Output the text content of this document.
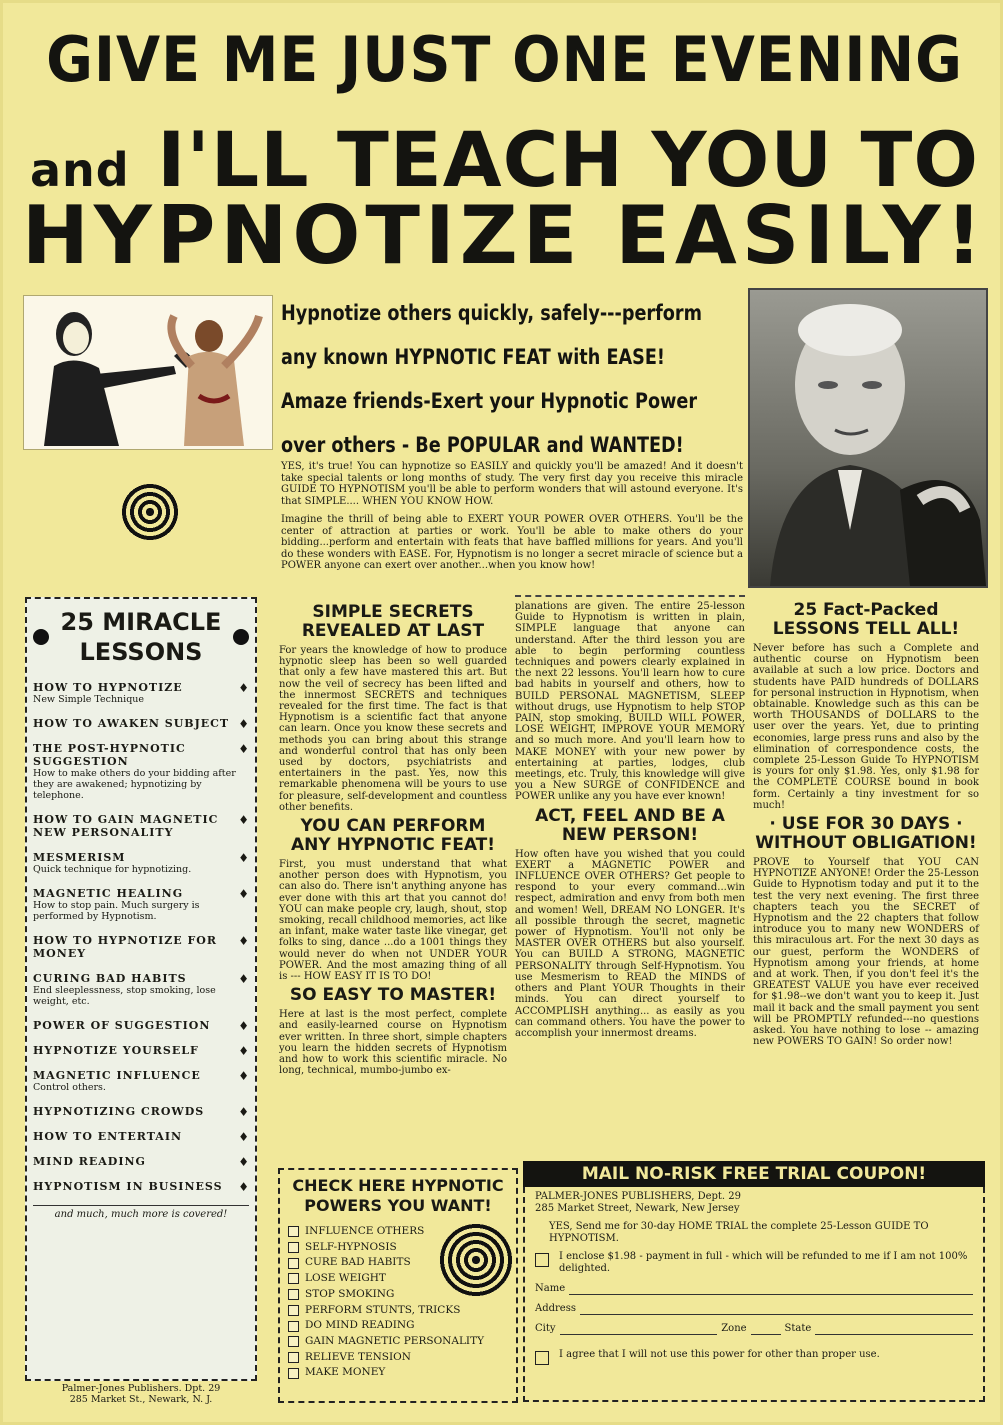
GIVE ME JUST ONE EVENING
and I'LL TEACH YOU TO
HYPNOTIZE EASILY!
Hypnotize others quickly, safely---perform
any known HYPNOTIC FEAT with EASE!
Amaze friends-Exert your Hypnotic Power
over others - Be POPULAR and WANTED!

YES, it's true! You can hypnotize so EASILY and quickly you'll be amazed! And it doesn't take special talents or long months of study. The very first day you receive this miracle GUIDE TO HYPNOTISM you'll be able to perform wonders that will astound everyone. It's that SIMPLE.... WHEN YOU KNOW HOW.

Imagine the thrill of being able to EXERT YOUR POWER OVER OTHERS. You'll be the center of attraction at parties or work. You'll be able to make others do your bidding...perform and entertain with feats that have baffled millions for years. And you'll do these wonders with EASE. For, Hypnotism is no longer a secret miracle of science but a POWER anyone can exert over another...when you know how!

25 MIRACLE
LESSONS
♦
HOW TO HYPNOTIZE
New Simple Technique
♦
HOW TO AWAKEN SUBJECT
♦
THE POST-HYPNOTIC SUGGESTION
How to make others do your bidding after they are awakened; hypnotizing by telephone.
♦
HOW TO GAIN MAGNETIC NEW PERSONALITY
♦
MESMERISM
Quick technique for hypnotizing.
♦
MAGNETIC HEALING
How to stop pain. Much surgery is performed by Hypnotism.
♦
HOW TO HYPNOTIZE FOR MONEY
♦
CURING BAD HABITS
End sleeplessness, stop smoking, lose weight, etc.
♦
POWER OF SUGGESTION
♦
HYPNOTIZE YOURSELF
♦
MAGNETIC INFLUENCE
Control others.
♦
HYPNOTIZING CROWDS
♦
HOW TO ENTERTAIN
♦
MIND READING
♦
HYPNOTISM IN BUSINESS
and much, much more is covered!
Palmer-Jones Publishers. Dpt. 29
285 Market St., Newark, N. J.
SIMPLE SECRETS REVEALED AT LAST

For years the knowledge of how to produce hypnotic sleep has been so well guarded that only a few have mastered this art. But now the veil of secrecy has been lifted and the innermost SECRETS and techniques revealed for the first time. The fact is that Hypnotism is a scientific fact that anyone can learn. Once you know these secrets and methods you can bring about this strange and wonderful control that has only been used by doctors, psychiatrists and entertainers in the past. Yes, now this remarkable phenomena will be yours to use for pleasure, self-development and countless other benefits.

YOU CAN PERFORM ANY HYPNOTIC FEAT!

First, you must understand that what another person does with Hypnotism, you can also do. There isn't anything anyone has ever done with this art that you cannot do! YOU can make people cry, laugh, shout, stop smoking, recall childhood memories, act like an infant, make water taste like vinegar, get folks to sing, dance ...do a 1001 things they would never do when not UNDER YOUR POWER. And the most amazing thing of all is --- HOW EASY IT IS TO DO!

SO EASY TO MASTER!

Here at last is the most perfect, complete and easily-learned course on Hypnotism ever written. In three short, simple chapters you learn the hidden secrets of Hypnotism and how to work this scientific miracle. No long, technical, mumbo-jumbo ex-

planations are given. The entire 25-lesson Guide to Hypnotism is written in plain, SIMPLE language that anyone can understand. After the third lesson you are able to begin performing countless techniques and powers clearly explained in the next 22 lessons. You'll learn how to cure bad habits in yourself and others, how to BUILD PERSONAL MAGNETISM, SLEEP without drugs, use Hypnotism to help STOP PAIN, stop smoking, BUILD WILL POWER, LOSE WEIGHT, IMPROVE YOUR MEMORY and so much more. And you'll learn how to MAKE MONEY with your new power by entertaining at parties, lodges, club meetings, etc. Truly, this knowledge will give you a New SURGE of CONFIDENCE and POWER unlike any you have ever known!

ACT, FEEL AND BE A NEW PERSON!

How often have you wished that you could EXERT a MAGNETIC POWER and INFLUENCE OVER OTHERS? Get people to respond to your every command...win respect, admiration and envy from both men and women! Well, DREAM NO LONGER. It's all possible through the secret, magnetic power of Hypnotism. You'll not only be MASTER OVER OTHERS but also yourself. You can BUILD A STRONG, MAGNETIC PERSONALITY through Self-Hypnotism. You use Mesmerism to READ the MINDS of others and Plant YOUR Thoughts in their minds. You can direct yourself to ACCOMPLISH anything... as easily as you can command others. You have the power to accomplish your innermost dreams.

25 Fact-Packed LESSONS TELL ALL!

Never before has such a Complete and authentic course on Hypnotism been available at such a low price. Doctors and students have PAID hundreds of DOLLARS for personal instruction in Hypnotism, when obtainable. Knowledge such as this can be worth THOUSANDS of DOLLARS to the user over the years. Yet, due to printing economies, large press runs and also by the elimination of correspondence costs, the complete 25-Lesson Guide To HYPNOTISM is yours for only $1.98. Yes, only $1.98 for the COMPLETE COURSE bound in book form. Certainly a tiny investment for so much!

· USE FOR 30 DAYS · WITHOUT OBLIGATION!

PROVE to Yourself that YOU CAN HYPNOTIZE ANYONE! Order the 25-Lesson Guide to Hypnotism today and put it to the test the very next evening. The first three chapters teach you the SECRET of Hypnotism and the 22 chapters that follow introduce you to many new WONDERS of this miraculous art. For the next 30 days as our guest, perform the WONDERS of Hypnotism among your friends, at home and at work. Then, if you don't feel it's the GREATEST VALUE you have ever received for $1.98--we don't want you to keep it. Just mail it back and the small payment you sent will be PROMPTLY refunded---no questions asked. You have nothing to lose -- amazing new POWERS TO GAIN! So order now!

CHECK HERE HYPNOTIC POWERS YOU WANT!
INFLUENCE OTHERS
SELF-HYPNOSIS
CURE BAD HABITS
LOSE WEIGHT
STOP SMOKING
PERFORM STUNTS, TRICKS
DO MIND READING
GAIN MAGNETIC PERSONALITY
RELIEVE TENSION
MAKE MONEY
MAIL NO-RISK FREE TRIAL COUPON!
PALMER-JONES PUBLISHERS, Dept. 29
285 Market Street, Newark, New Jersey
YES, Send me for 30-day HOME TRIAL the complete 25-Lesson GUIDE TO HYPNOTISM.
I enclose $1.98 - payment in full - which will be refunded to me if I am not 100% delighted.
Name
Address
City	Zone	State
I agree that I will not use this power for other than proper use.
